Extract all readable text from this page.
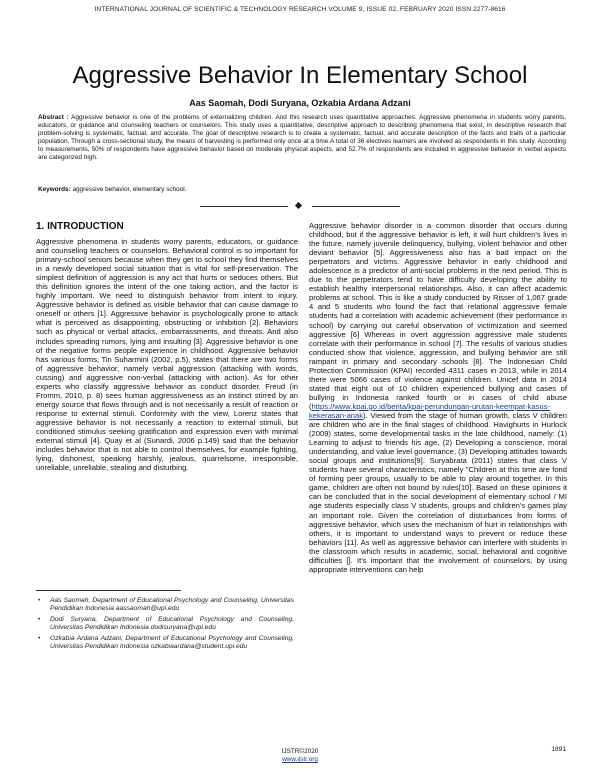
INTERNATIONAL JOURNAL OF SCIENTIFIC & TECHNOLOGY RESEARCH VOLUME 9, ISSUE 02, FEBRUARY 2020 ISSN 2277-8616
Aggressive Behavior In Elementary School
Aas Saomah, Dodi Suryana, Ozkabia Ardana Adzani
Abstract : Aggressive behavior is one of the problems of externalizing children. And this research uses quantitative approaches. Aggressive phenomena in students worry parents, educators, or guidance and counseling teachers or counselors. This study uses a quantitative, descriptive approach to describing phenomena that exist, in descriptive research that problem-solving is systematic, factual, and accurate. The goal of descriptive research is to create a systematic, factual, and accurate description of the facts and traits of a particular population. Through a cross-sectional study, the means of harvesting is performed only once at a time.A total of 36 electives learners are involved as respondents in this study. According to measurements, 50% of respondents have aggressive behavior based on moderate physical aspects, and 52.7% of respondents are included in aggressive behavior in verbal aspects are categorized high.
Keywords: aggressive behavior, elementary school.
1. INTRODUCTION

Aggressive phenomena in students worry parents, educators, or guidance and counseling teachers or counselors. Behavioral control is so important for primary-school seniors because when they get to school they find themselves in a newly developed social situation that is vital for self-preservation. The simplest definition of aggression is any act that hurts or seduces others. But this definition ignores the intent of the one taking action, and the factor is highly important. We need to distinguish behavior from intent to injury. Aggressive behavior is defined as visible behavior that can cause damage to oneself or others [1]. Aggressive behavior is psychologically prone to attack what is perceived as disappointing, obstructing or inhibition [2]. Behaviors such as physical or verbal attacks, embarrassments, and threats. And also includes spreading rumors, lying and insulting [3]. Aggressive behavior is one of the negative forms people experience in childhood. Aggressive behavior has various forms, Tin Suharmini (2002, p.5), states that there are two forms of aggressive behavior, namely verbal aggression (attacking with words, cussing) and aggressive non-verbal (attacking with action). As for other experts who classify aggressive behavior as conduct disorder. Freud (in Fromm, 2010, p. 8) sees human aggressiveness as an instinct stirred by an energy source that flows through and is not necessarily a result of reaction or response to external stimuli. Conformity with the view, Lorenz states that aggressive behavior is not necessarily a reaction to external stimuli, but conditioned stimulus seeking gratification and expression even with minimal external stimuli [4]. Quay et al (Sunardi, 2006 p.149) said that the behavior includes behavior that is not able to control themselves, for example fighting, lying, dishonest, speaking harshly, jealous, quarrelsome, irresponsible, unreliable, unreliable, stealing and disturbing.

• Aas Saomah, Department of Educational Psychology and Counseling, Universitas Pendidikan Indonesia aassaomah@upi.edu
• Dodi Suryana, Department of Educational Psychology and Counseling, Universitas Pendidikan Indonesia dodisuryana@upi.edu
• Ozkabia Ardana Adzani, Department of Educational Psychology and Counseling, Universitas Pendidikan Indonesia ozkabiaardana@student.upi.edu

Aggressive behavior disorder is a common disorder that occurs during childhood, but if the aggressive behavior is left, it will hurt children's lives in the future, namely juvenile delinquency, bullying, violent behavior and other deviant behavior [5]. Aggressiveness also has a bad impact on the perpetrators and victims. Aggressive behavior in early childhood and adolescence is a predictor of anti-social problems in the next period. This is due to the perpetrators tend to have difficulty developing the ability to establish healthy interpersonal relationships. Also, it can affect academic problems at school. This is like a study conducted by Risser of 1,067 grade 4 and 5 students who found the fact that relational aggressive female students had a correlation with academic achievement (their performance in school) by carrying out careful observation of victimization and seemed aggressive [6] Whereas in overt aggression aggressive male students correlate with their performance in school [7]. The results of various studies conducted show that violence, aggression, and bullying behavior are still rampant in primary and secondary schools [8]. The Indonesian Child Protection Commission (KPAI) recorded 4311 cases in 2013, while in 2014 there were 5066 cases of violence against children. Unicef data in 2014 stated that eight out of 10 children experienced bullying and cases of bullying in Indonesia ranked fourth or in cases of child abuse (https://www.kpai.go.id/berita/kpai-perundungan-urutan-keempat-kasus-kekerasan-anak). Viewed from the stage of human growth, class V children are children who are in the final stages of childhood. Havighurts in Hurlock (2009) states, some developmental tasks in the late childhood, namely: (1) Learning to adjust to friends his age, (2) Developing a conscience, moral understanding, and value level governance, (3) Developing attitudes towards social groups and institutions[9]. Suryabrata (2011) states that class V students have several characteristics, namely "Children at this time are fond of forming peer groups, usually to be able to play around together. In this game, children are often not bound by rules[10]. Based on these opinions it can be concluded that in the social development of elementary school / MI age students especially class V students, groups and children's games play an important role. Given the correlation of disturbances from forms of aggressive behavior, which uses the mechanism of hurt in relationships with others, it is important to understand ways to prevent or reduce these behaviors [11]. As well as aggressive behavior can interfere with students in the classroom which results in academic, social, behavioral and cognitive difficulties []. It's important that the involvement of counselors, by using appropriate interventions can help

1891
IJSTR©2020
www.ijstr.org
